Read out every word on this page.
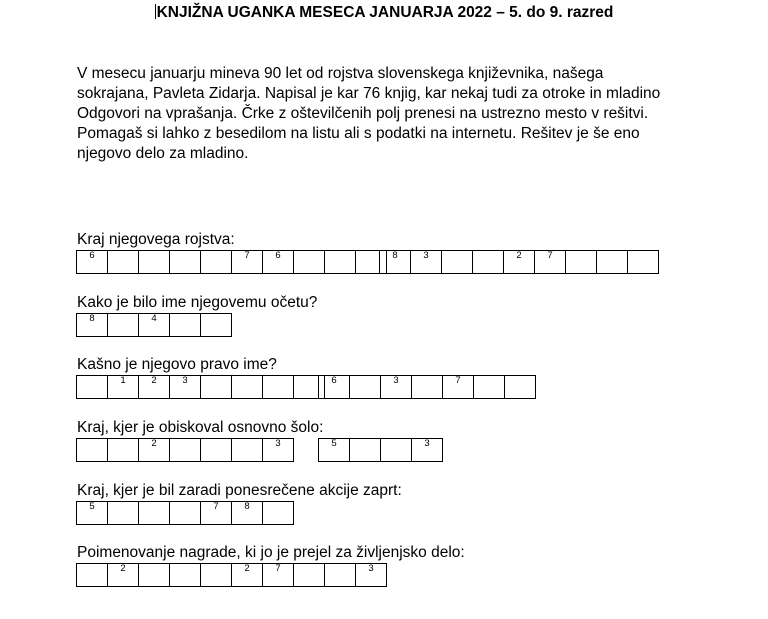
KNJIŽNA UGANKA MESECA JANUARJA 2022 – 5. do 9. razred
V mesecu januarju mineva 90 let od rojstva slovenskega književnika, našega
sokrajana, Pavleta Zidarja. Napisal je kar 76 knjig, kar nekaj tudi za otroke in mladino
Odgovori na vprašanja. Črke z oštevilčenih polj prenesi na ustrezno mesto v rešitvi.
Pomagaš si lahko z besedilom na listu ali s podatki na internetu. Rešitev je še eno
njegovo delo za mladino.
Kraj njegovega rojstva:
6	7	6	8	3	2	7
Kako je bilo ime njegovemu očetu?
8	4
Kašno je njegovo pravo ime?
1	2	3	6	3	7
Kraj, kjer je obiskoval osnovno šolo:
2	3	5	3
Kraj, kjer je bil zaradi ponesrečene akcije zaprt:
5	7	8
Poimenovanje nagrade, ki jo je prejel za življenjsko delo:
2	2	7	3
